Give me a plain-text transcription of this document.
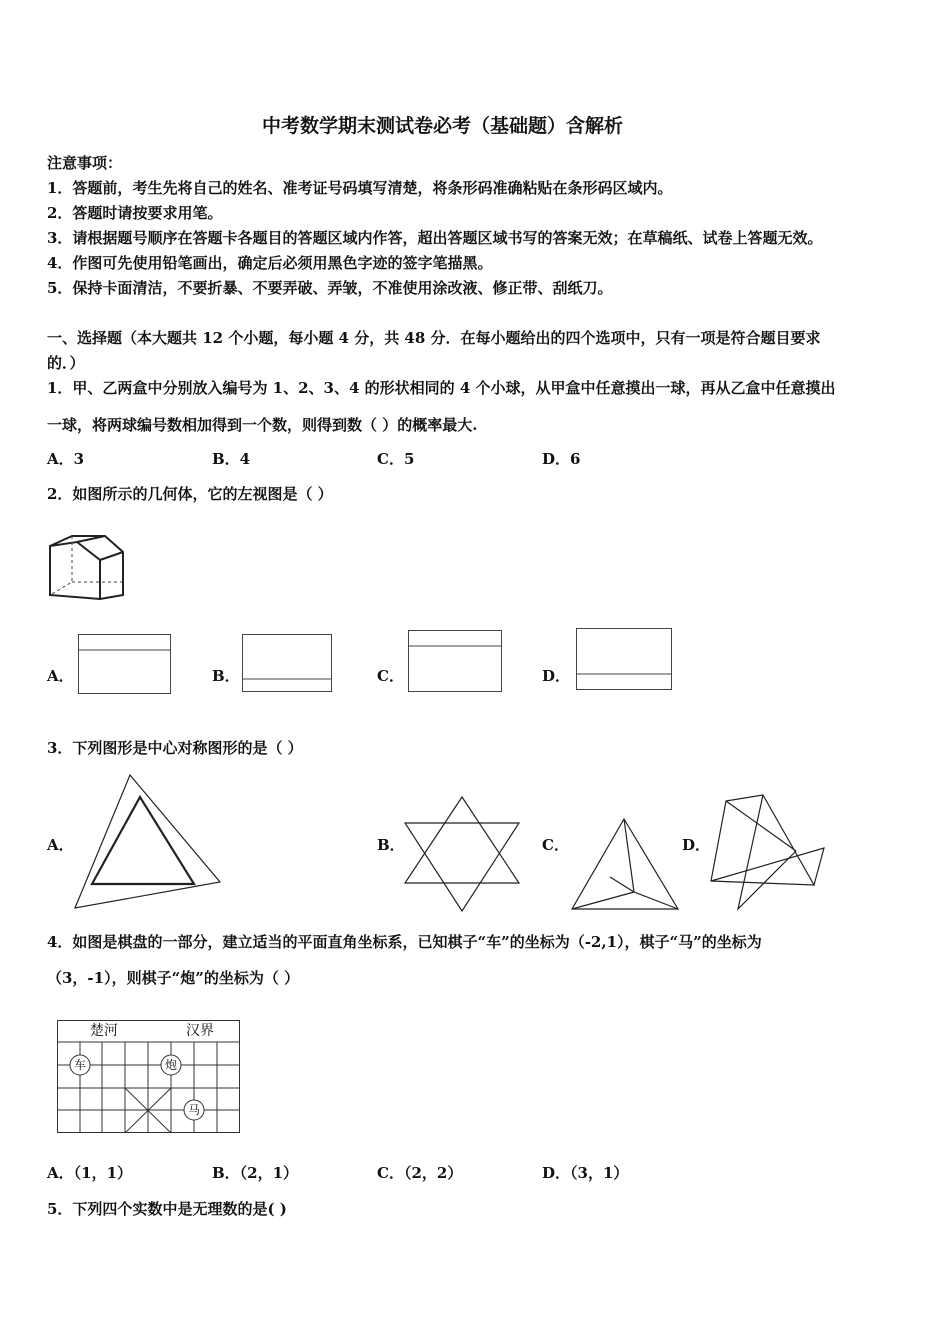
中考数学期末测试卷必考（基础题）含解析
注意事项：
1．答题前，考生先将自己的姓名、准考证号码填写清楚，将条形码准确粘贴在条形码区域内。
2．答题时请按要求用笔。
3．请根据题号顺序在答题卡各题目的答题区域内作答，超出答题区域书写的答案无效；在草稿纸、试卷上答题无效。
4．作图可先使用铅笔画出，确定后必须用黑色字迹的签字笔描黑。
5．保持卡面清洁，不要折暴、不要弄破、弄皱，不准使用涂改液、修正带、刮纸刀。
一、选择题（本大题共 12 个小题，每小题 4 分，共 48 分．在每小题给出的四个选项中，只有一项是符合题目要求
的．）
1．甲、乙两盒中分别放入编号为 1、2、3、4 的形状相同的 4 个小球，从甲盒中任意摸出一球，再从乙盒中任意摸出
一球，将两球编号数相加得到一个数，则得到数（ ）的概率最大.
A．3	B．4	C．5	D．6
2．如图所示的几何体，它的左视图是（ ）
A．	B．	C．	D．
3．下列图形是中心对称图形的是（ ）
A．	B．	C．	D．
4．如图是棋盘的一部分，建立适当的平面直角坐标系，已知棋子“车”的坐标为（-2,1），棋子“马”的坐标为
（3，-1），则棋子“炮”的坐标为（ ）
楚河	汉界
车	炮
马
A．（1，1）	B．（2，1）	C．（2，2）	D．（3，1）
5．下列四个实数中是无理数的是( )
